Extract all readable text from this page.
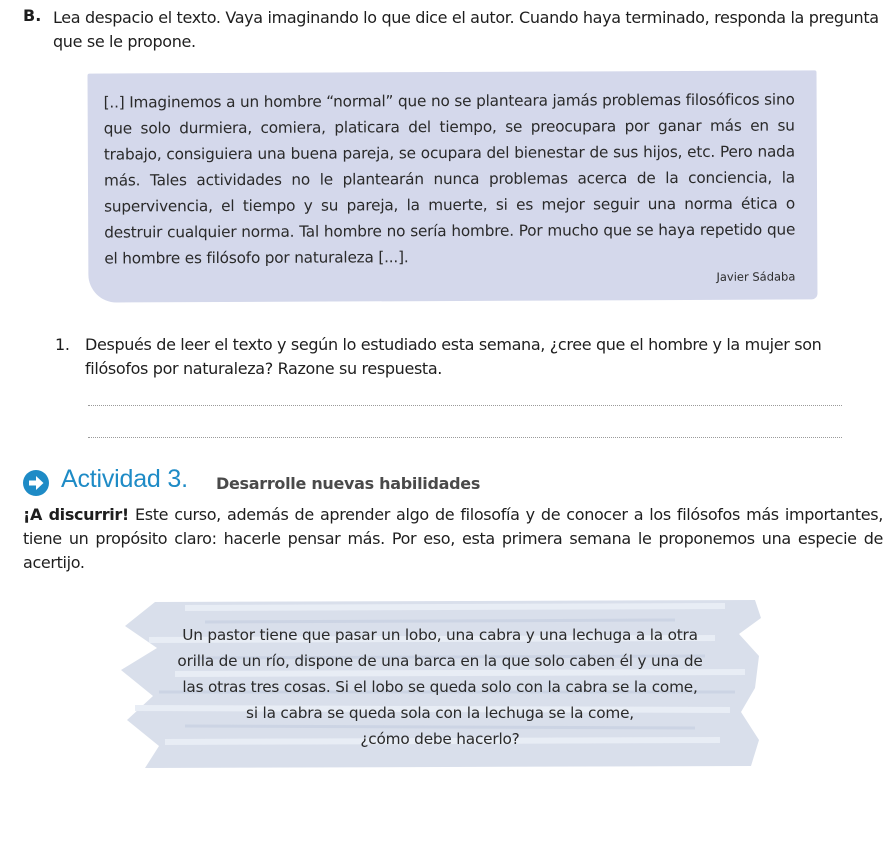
B. Lea despacio el texto. Vaya imaginando lo que dice el autor. Cuando haya terminado, responda la pregunta que se le propone.
[..] Imaginemos a un hombre “normal” que no se planteara jamás problemas filosóficos sino que solo durmiera, comiera, platicara del tiempo, se preocupara por ganar más en su trabajo, consiguiera una buena pareja, se ocupara del bienestar de sus hijos, etc. Pero nada más. Tales actividades no le plantearán nunca problemas acerca de la conciencia, la supervivencia, el tiempo y su pareja, la muerte, si es mejor seguir una norma ética o destruir cualquier norma. Tal hombre no sería hombre. Por mucho que se haya repetido que el hombre es filósofo por naturaleza [...].
Javier Sádaba
1. Después de leer el texto y según lo estudiado esta semana, ¿cree que el hombre y la mujer son filósofos por naturaleza? Razone su respuesta.
Actividad 3. Desarrolle nuevas habilidades
¡A discurrir! Este curso, además de aprender algo de filosofía y de conocer a los filósofos más importantes, tiene un propósito claro: hacerle pensar más. Por eso, esta primera semana le proponemos una especie de acertijo.
Un pastor tiene que pasar un lobo, una cabra y una lechuga a la otra
orilla de un río, dispone de una barca en la que solo caben él y una de
las otras tres cosas. Si el lobo se queda solo con la cabra se la come,
si la cabra se queda sola con la lechuga se la come,
¿cómo debe hacerlo?
